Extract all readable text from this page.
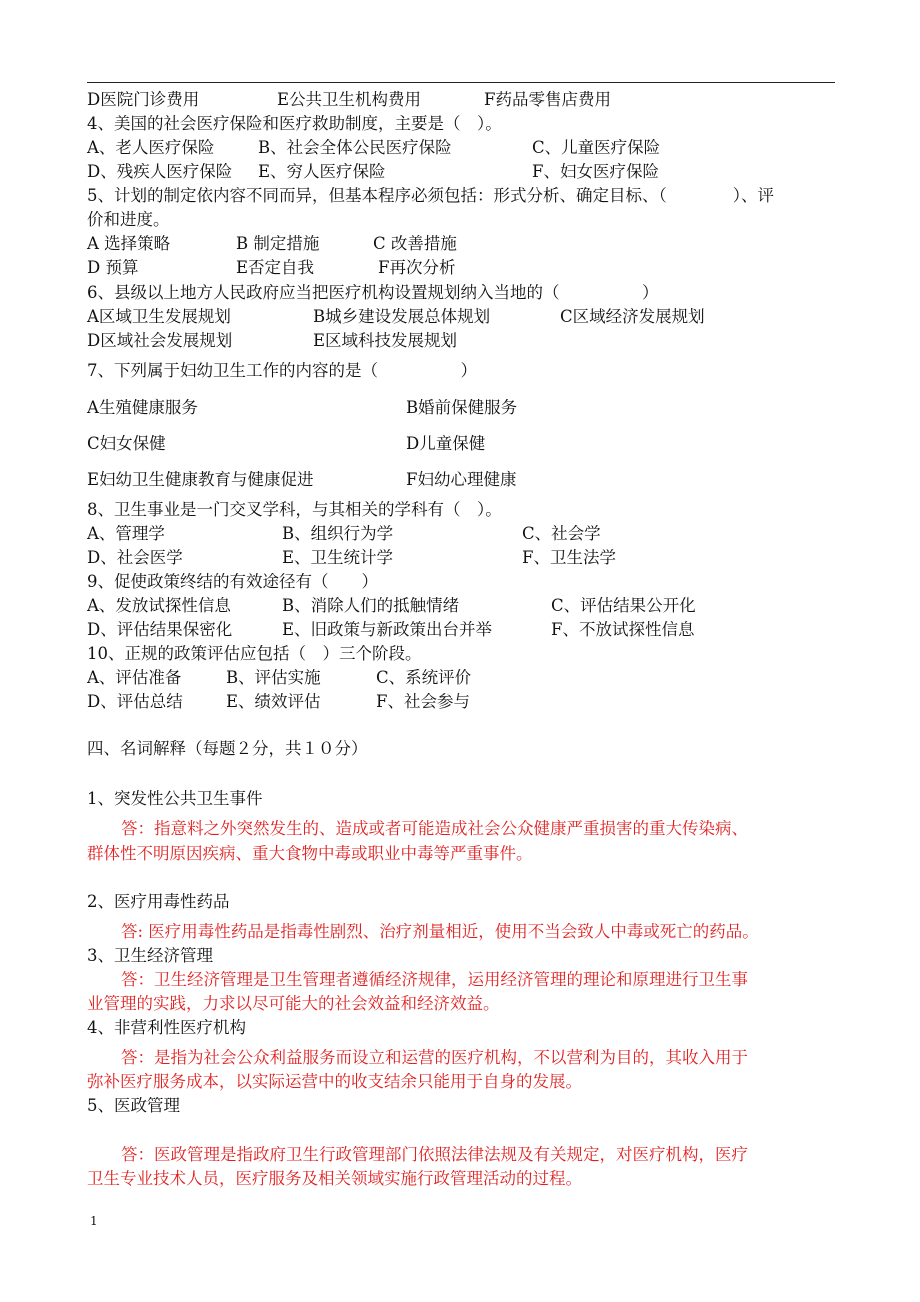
D医院门诊费用	E公共卫生机构费用	F药品零售店费用
4、美国的社会医疗保险和医疗救助制度，主要是（　）。
A、老人医疗保险	B、社会全体公民医疗保险	C、儿童医疗保险
D、残疾人医疗保险 E、穷人医疗保险	F、妇女医疗保险
5、计划的制定依内容不同而异，但基本程序必须包括：形式分析、确定目标、（　　　　）、评
价和进度。
A 选择策略	B 制定措施	C 改善措施
D 预算	E否定自我	F再次分析
6、县级以上地方人民政府应当把医疗机构设置规划纳入当地的（　　　　　）
A区域卫生发展规划	B城乡建设发展总体规划	C区域经济发展规划
D区域社会发展规划	E区域科技发展规划
7、下列属于妇幼卫生工作的内容的是（　　　　　）
A生殖健康服务	B婚前保健服务
C妇女保健	D儿童保健
E妇幼卫生健康教育与健康促进	F妇幼心理健康
8、卫生事业是一门交叉学科，与其相关的学科有（　）。
A、管理学	B、组织行为学	C、社会学
D、社会医学	E、卫生统计学	F、卫生法学
9、促使政策终结的有效途径有（　　）
A、发放试探性信息	B、消除人们的抵触情绪	C、评估结果公开化
D、评估结果保密化	E、旧政策与新政策出台并举	F、不放试探性信息
10、正规的政策评估应包括（　）三个阶段。
A、评估准备	B、评估实施	C、系统评价
D、评估总结	E、绩效评估	F、社会参与
四、名词解释（每题２分，共１０分）
1、突发性公共卫生事件
答：指意料之外突然发生的、造成或者可能造成社会公众健康严重损害的重大传染病、
群体性不明原因疾病、重大食物中毒或职业中毒等严重事件。
2、医疗用毒性药品
答: 医疗用毒性药品是指毒性剧烈、治疗剂量相近，使用不当会致人中毒或死亡的药品。
3、卫生经济管理
答：卫生经济管理是卫生管理者遵循经济规律，运用经济管理的理论和原理进行卫生事
业管理的实践，力求以尽可能大的社会效益和经济效益。
4、非营利性医疗机构
答：是指为社会公众利益服务而设立和运营的医疗机构，不以营利为目的，其收入用于
弥补医疗服务成本，以实际运营中的收支结余只能用于自身的发展。
5、医政管理
答：医政管理是指政府卫生行政管理部门依照法律法规及有关规定，对医疗机构，医疗
卫生专业技术人员，医疗服务及相关领域实施行政管理活动的过程。
1
